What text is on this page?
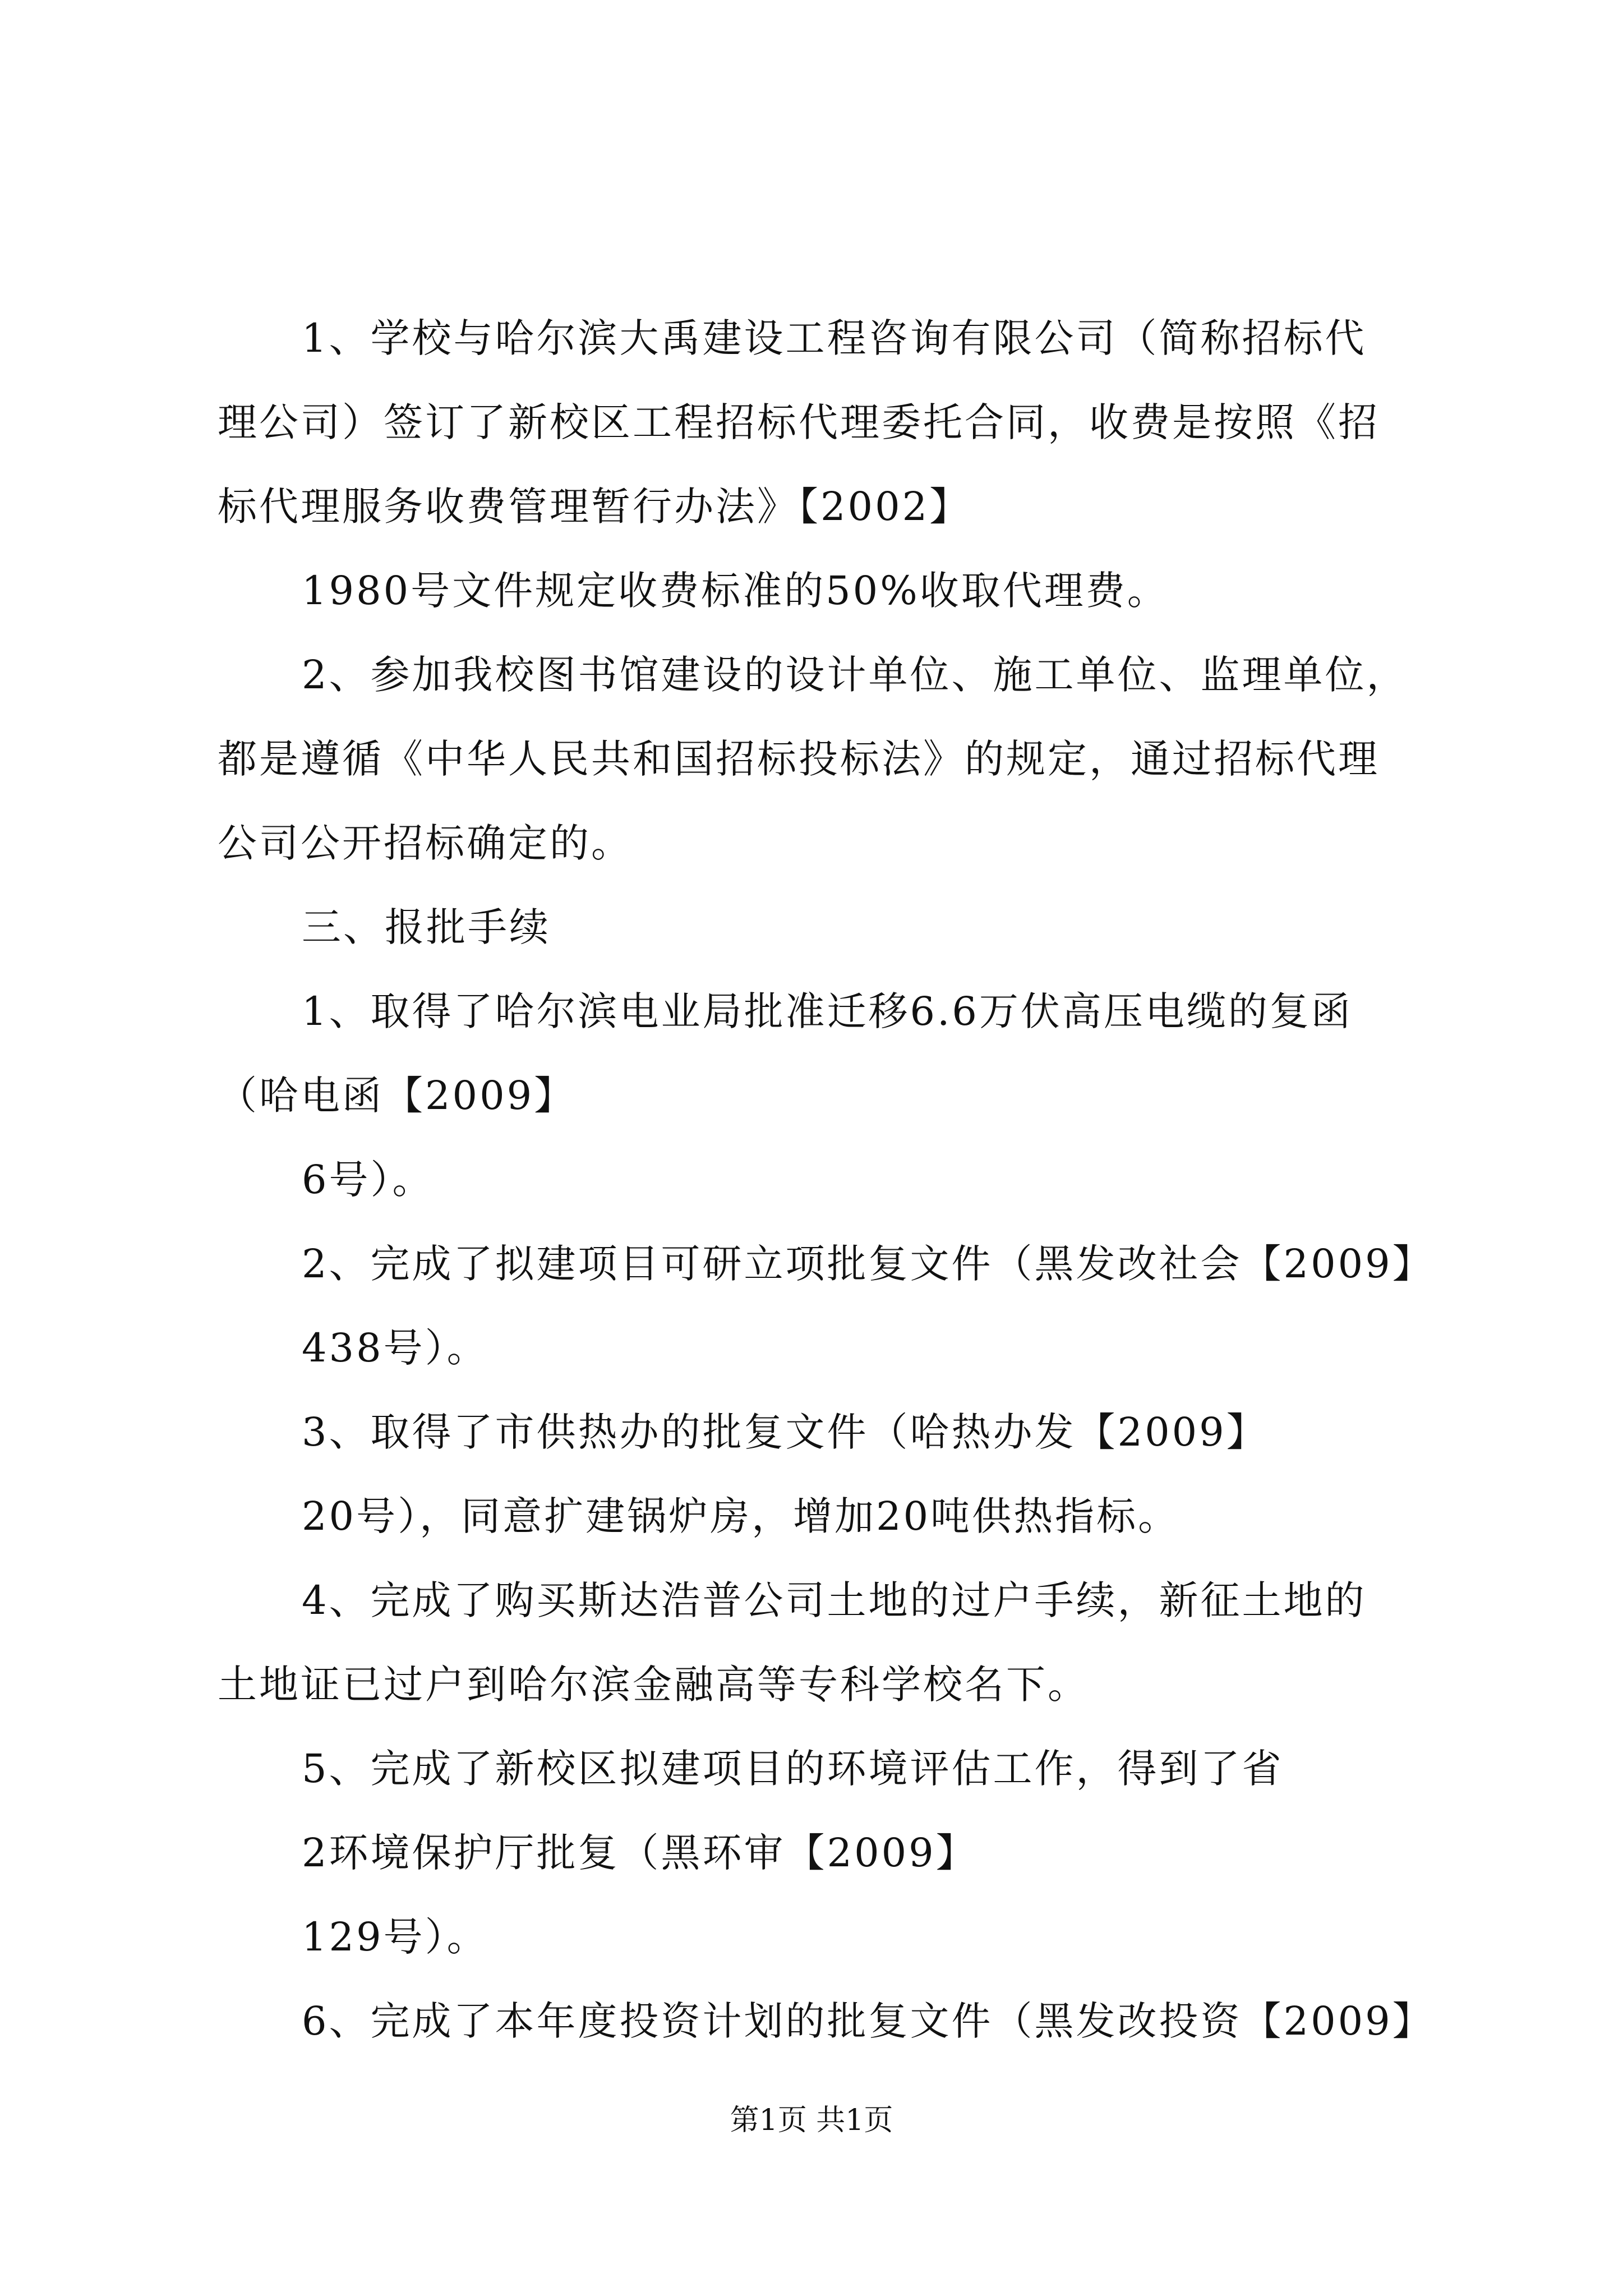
1、学校与哈尔滨大禹建设工程咨询有限公司（简称招标代
理公司）签订了新校区工程招标代理委托合同，收费是按照《招
标代理服务收费管理暂行办法》【2002】
1980号文件规定收费标准的50%收取代理费。
2、参加我校图书馆建设的设计单位、施工单位、监理单位，
都是遵循《中华人民共和国招标投标法》的规定，通过招标代理
公司公开招标确定的。
三、报批手续
1、取得了哈尔滨电业局批准迁移6.6万伏高压电缆的复函
（哈电函【2009】
6号）。
2、完成了拟建项目可研立项批复文件（黑发改社会【2009】
438号）。
3、取得了市供热办的批复文件（哈热办发【2009】
20号），同意扩建锅炉房，增加20吨供热指标。
4、完成了购买斯达浩普公司土地的过户手续，新征土地的
土地证已过户到哈尔滨金融高等专科学校名下。
5、完成了新校区拟建项目的环境评估工作，得到了省
2环境保护厅批复（黑环审【2009】
129号）。
6、完成了本年度投资计划的批复文件（黑发改投资【2009】
第1页 共1页
